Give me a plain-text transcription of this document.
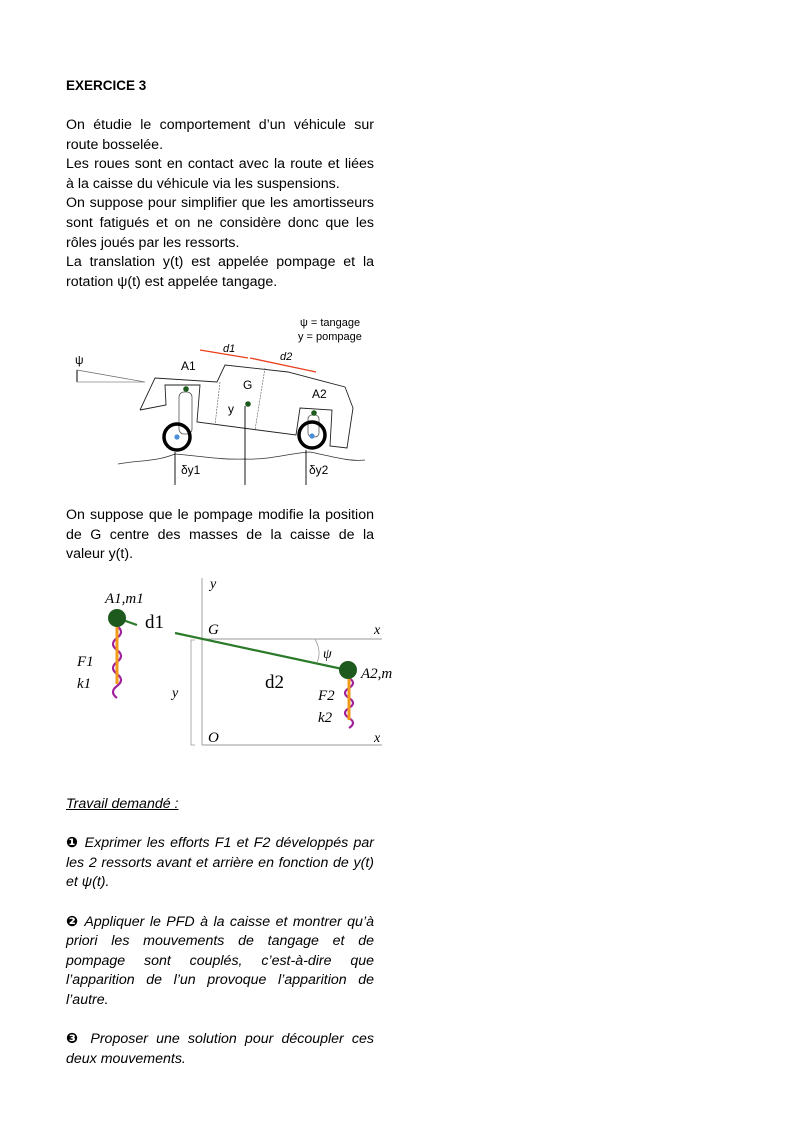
EXERCICE 3

On étudie le comportement d’un véhicule sur route bosselée.

Les roues sont en contact avec la route et liées à la caisse du véhicule via les suspensions.

On suppose pour simplifier que les amortisseurs sont fatigués et on ne considère donc que les rôles joués par les ressorts.

La translation y(t) est appelée pompage et la rotation ψ(t) est appelée tangage.

ψ = tangage
y = pompage
ψ
d1
d2
A1
G
A2
y
δy1	δy2
On suppose que le pompage modifie la position de G centre des masses de la caisse de la valeur y(t).
y
x
x
G
O
y
ψ
d1
d2
A1,m1
F1
k1
A2,m
F2
k2

Travail demandé :

❶ Exprimer les efforts F1 et F2 développés par les 2 ressorts avant et arrière en fonction de y(t) et ψ(t).

❷ Appliquer le PFD à la caisse et montrer qu’à priori les mouvements de tangage et de pompage sont couplés, c’est-à-dire que l’apparition de l’un provoque l’apparition de l’autre.

❸ Proposer une solution pour découpler ces deux mouvements.
